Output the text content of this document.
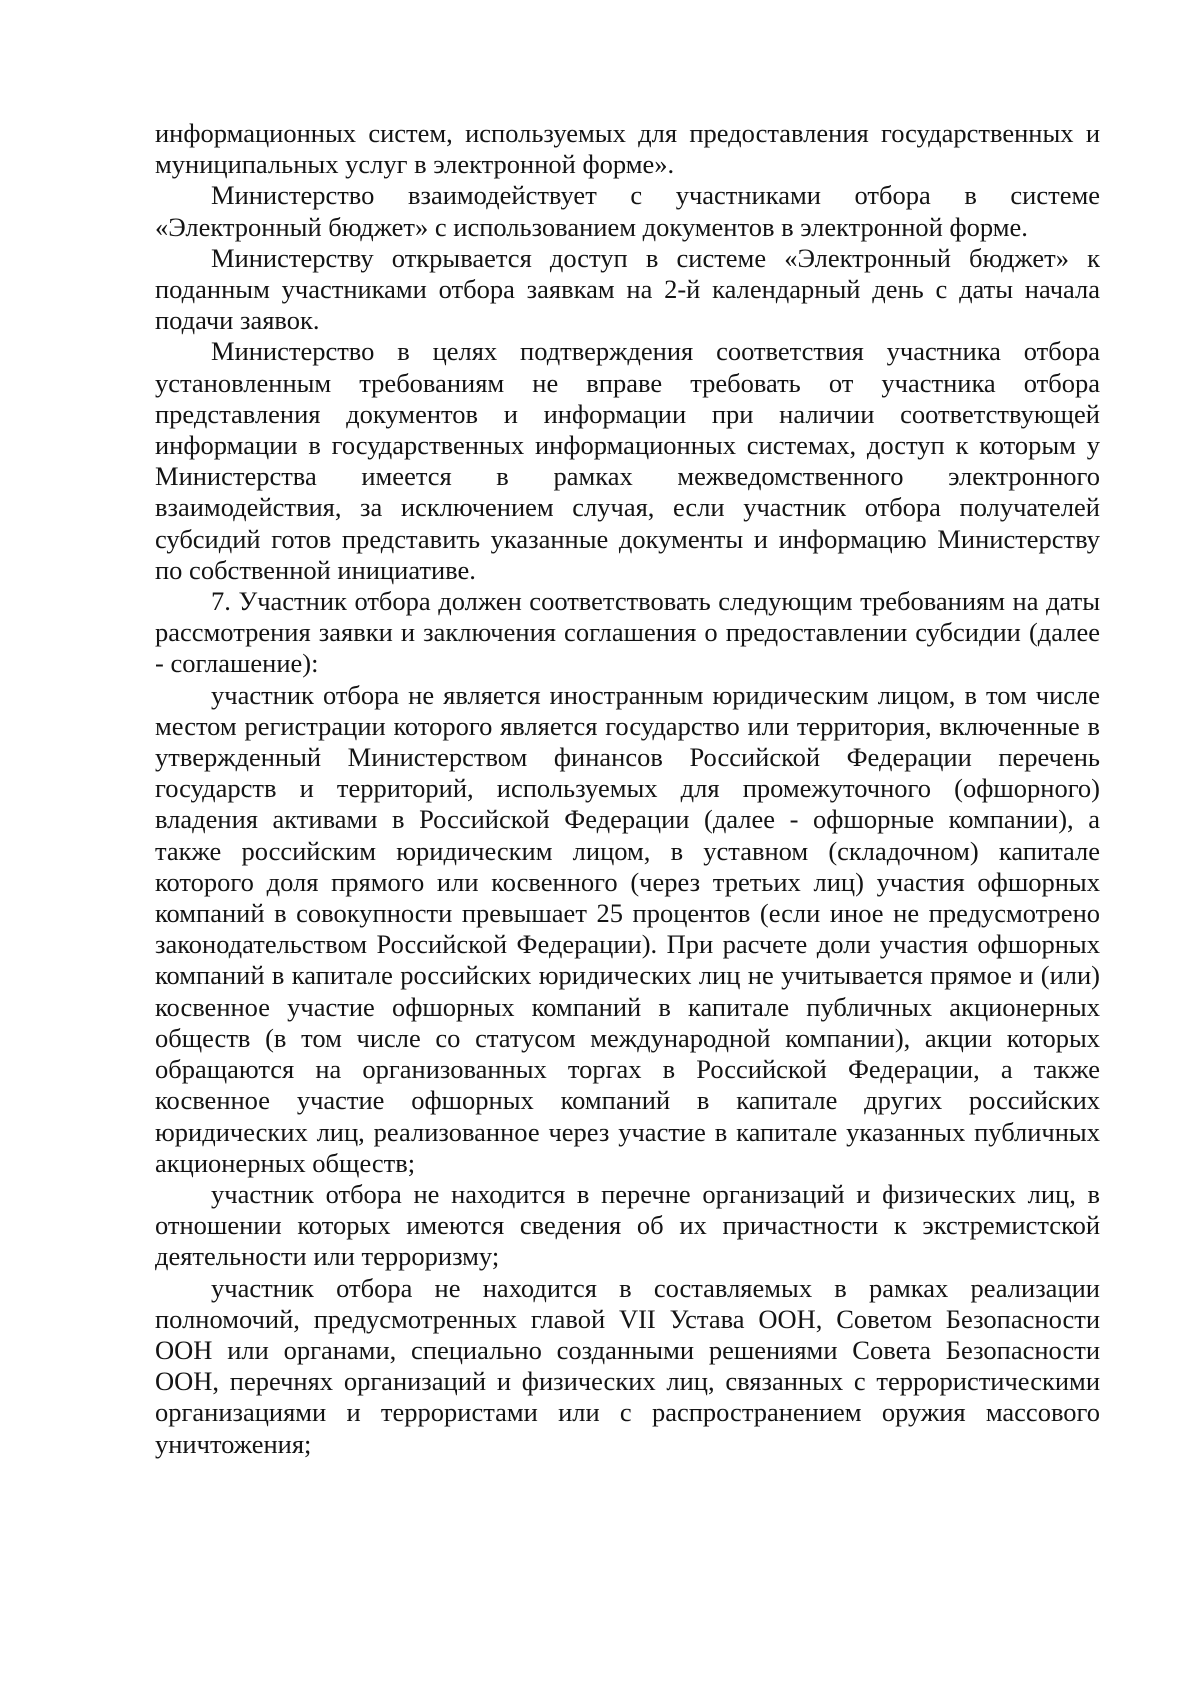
информационных систем, используемых для предоставления государственных и муниципальных услуг в электронной форме».

Министерство взаимодействует с участниками отбора в системе «Электронный бюджет» с использованием документов в электронной форме.

Министерству открывается доступ в системе «Электронный бюджет» к поданным участниками отбора заявкам на 2-й календарный день с даты начала подачи заявок.

Министерство в целях подтверждения соответствия участника отбора установленным требованиям не вправе требовать от участника отбора представления документов и информации при наличии соответствующей информации в государственных информационных системах, доступ к которым у Министерства имеется в рамках межведомственного электронного взаимодействия, за исключением случая, если участник отбора получателей субсидий готов представить указанные документы и информацию Министерству по собственной инициативе.

7. Участник отбора должен соответствовать следующим требованиям на даты рассмотрения заявки и заключения соглашения о предоставлении субсидии (далее - соглашение):

участник отбора не является иностранным юридическим лицом, в том числе местом регистрации которого является государство или территория, включенные в утвержденный Министерством финансов Российской Федерации перечень государств и территорий, используемых для промежуточного (офшорного) владения активами в Российской Федерации (далее - офшорные компании), а также российским юридическим лицом, в уставном (складочном) капитале которого доля прямого или косвенного (через третьих лиц) участия офшорных компаний в совокупности превышает 25 процентов (если иное не предусмотрено законодательством Российской Федерации). При расчете доли участия офшорных компаний в капитале российских юридических лиц не учитывается прямое и (или) косвенное участие офшорных компаний в капитале публичных акционерных обществ (в том числе со статусом международной компании), акции которых обращаются на организованных торгах в Российской Федерации, а также косвенное участие офшорных компаний в капитале других российских юридических лиц, реализованное через участие в капитале указанных публичных акционерных обществ;

участник отбора не находится в перечне организаций и физических лиц, в отношении которых имеются сведения об их причастности к экстремистской деятельности или терроризму;

участник отбора не находится в составляемых в рамках реализации полномочий, предусмотренных главой VII Устава ООН, Советом Безопасности ООН или органами, специально созданными решениями Совета Безопасности ООН, перечнях организаций и физических лиц, связанных с террористическими организациями и террористами или с распространением оружия массового уничтожения;
